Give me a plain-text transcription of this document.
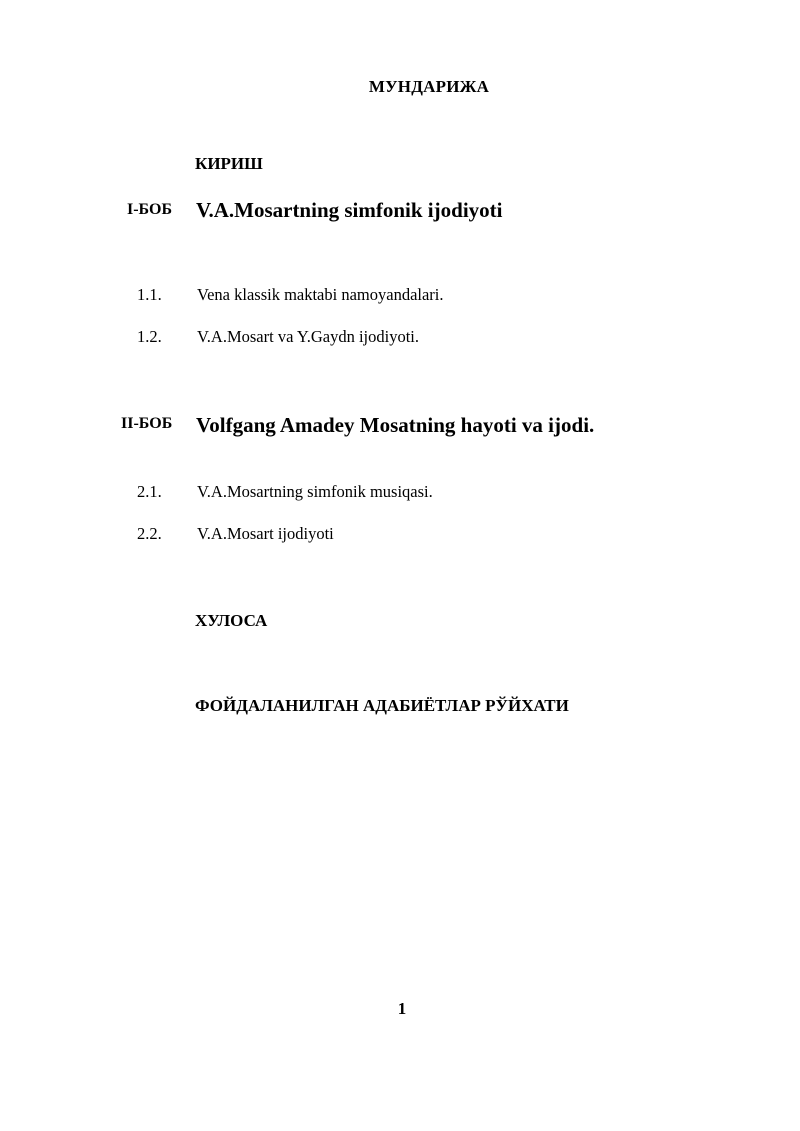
МУНДАРИЖА
КИРИШ
I-БОБ V.A.Mosartning simfonik ijodiyoti
1.1. Vena klassik maktabi namoyandalari.
1.2. V.A.Mosart va Y.Gaydn ijodiyoti.
II-БОБ Volfgang Amadey Mosatning hayoti va ijodi.
2.1. V.A.Mosartning simfonik musiqasi.
2.2. V.A.Mosart ijodiyoti
ХУЛОСА
ФОЙДАЛАНИЛГАН АДАБИЁТЛАР РЎЙХАТИ
1
